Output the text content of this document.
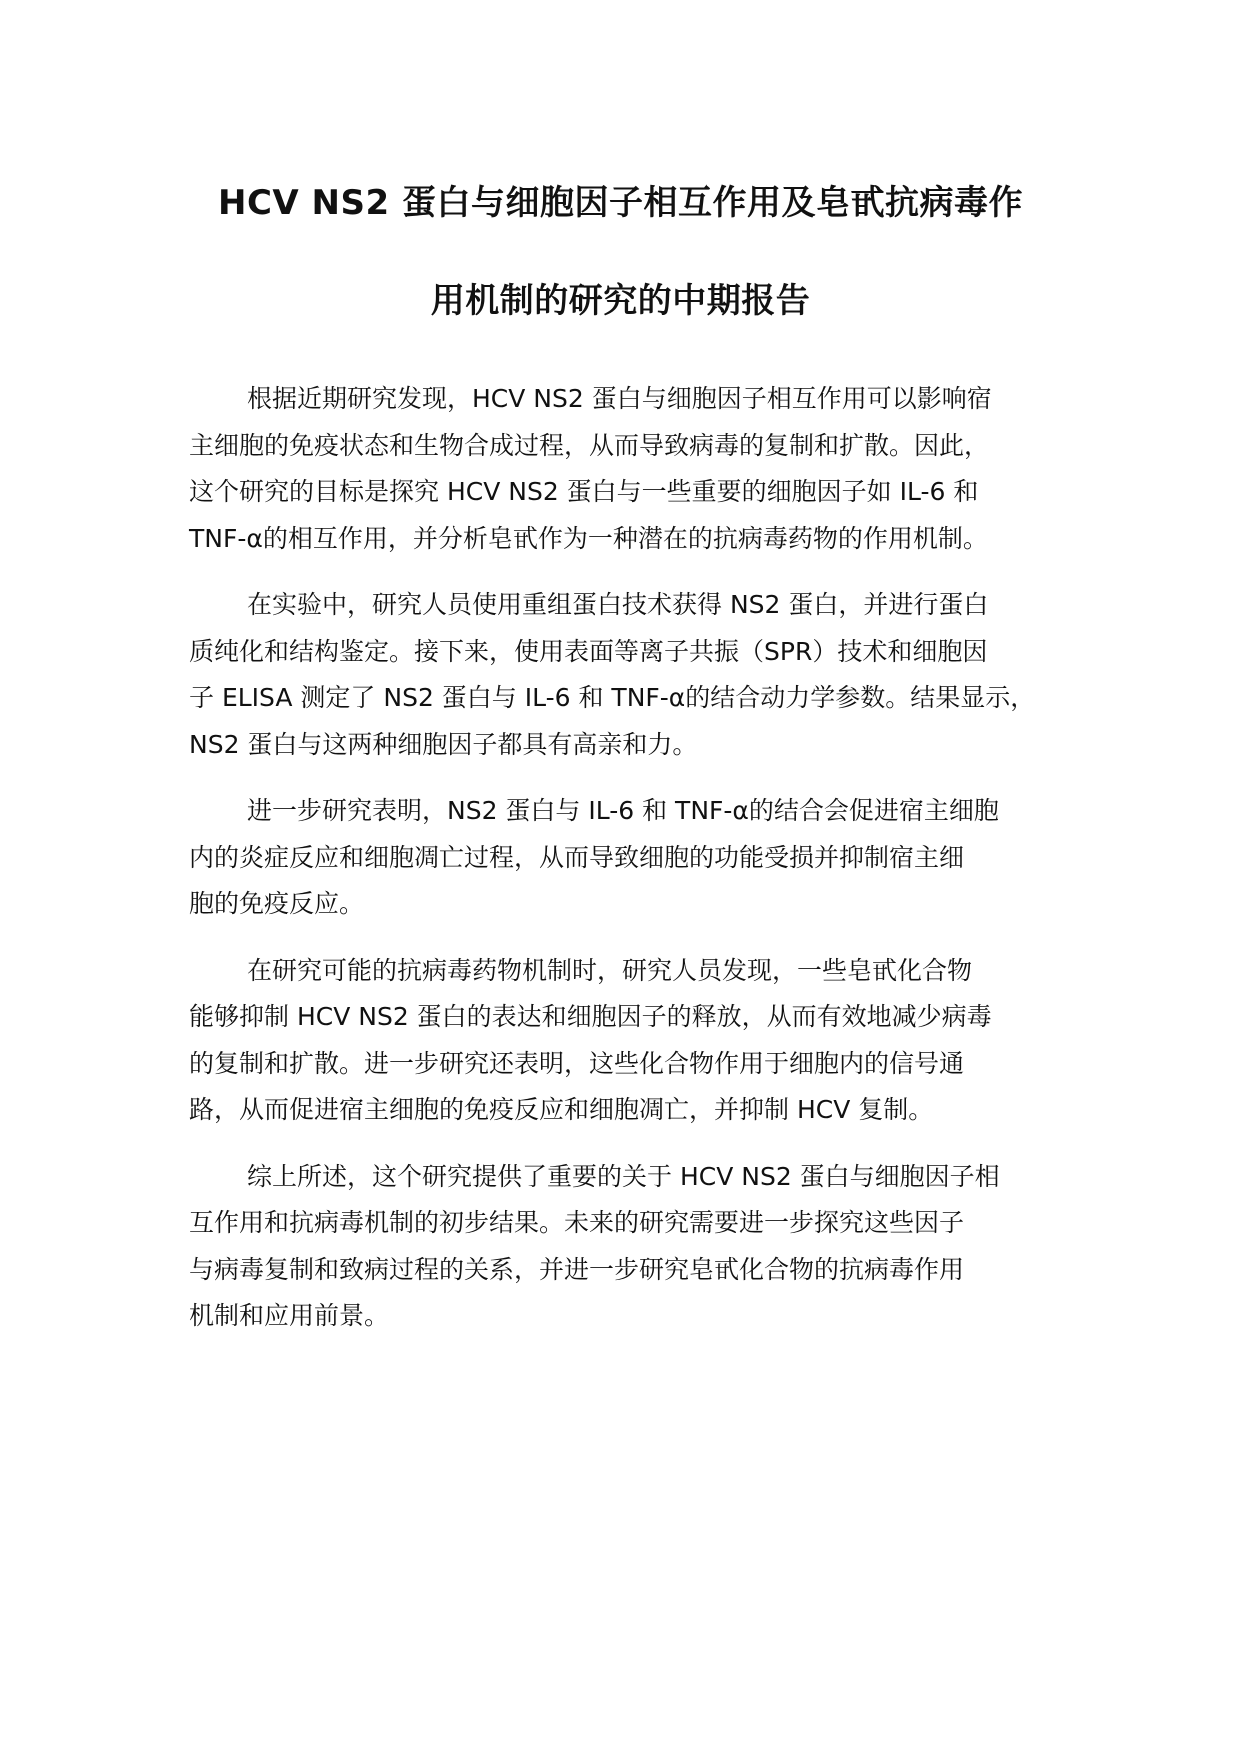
HCV NS2 蛋白与细胞因子相互作用及皂甙抗病毒作
用机制的研究的中期报告

根据近期研究发现，HCV NS2 蛋白与细胞因子相互作用可以影响宿
主细胞的免疫状态和生物合成过程，从而导致病毒的复制和扩散。因此，
这个研究的目标是探究 HCV NS2 蛋白与一些重要的细胞因子如 IL-6 和
TNF-α的相互作用，并分析皂甙作为一种潜在的抗病毒药物的作用机制。

在实验中，研究人员使用重组蛋白技术获得 NS2 蛋白，并进行蛋白
质纯化和结构鉴定。接下来，使用表面等离子共振（SPR）技术和细胞因
子 ELISA 测定了 NS2 蛋白与 IL-6 和 TNF-α的结合动力学参数。结果显示，
NS2 蛋白与这两种细胞因子都具有高亲和力。

进一步研究表明，NS2 蛋白与 IL-6 和 TNF-α的结合会促进宿主细胞
内的炎症反应和细胞凋亡过程，从而导致细胞的功能受损并抑制宿主细
胞的免疫反应。

在研究可能的抗病毒药物机制时，研究人员发现，一些皂甙化合物
能够抑制 HCV NS2 蛋白的表达和细胞因子的释放，从而有效地减少病毒
的复制和扩散。进一步研究还表明，这些化合物作用于细胞内的信号通
路，从而促进宿主细胞的免疫反应和细胞凋亡，并抑制 HCV 复制。

综上所述，这个研究提供了重要的关于 HCV NS2 蛋白与细胞因子相
互作用和抗病毒机制的初步结果。未来的研究需要进一步探究这些因子
与病毒复制和致病过程的关系，并进一步研究皂甙化合物的抗病毒作用
机制和应用前景。
